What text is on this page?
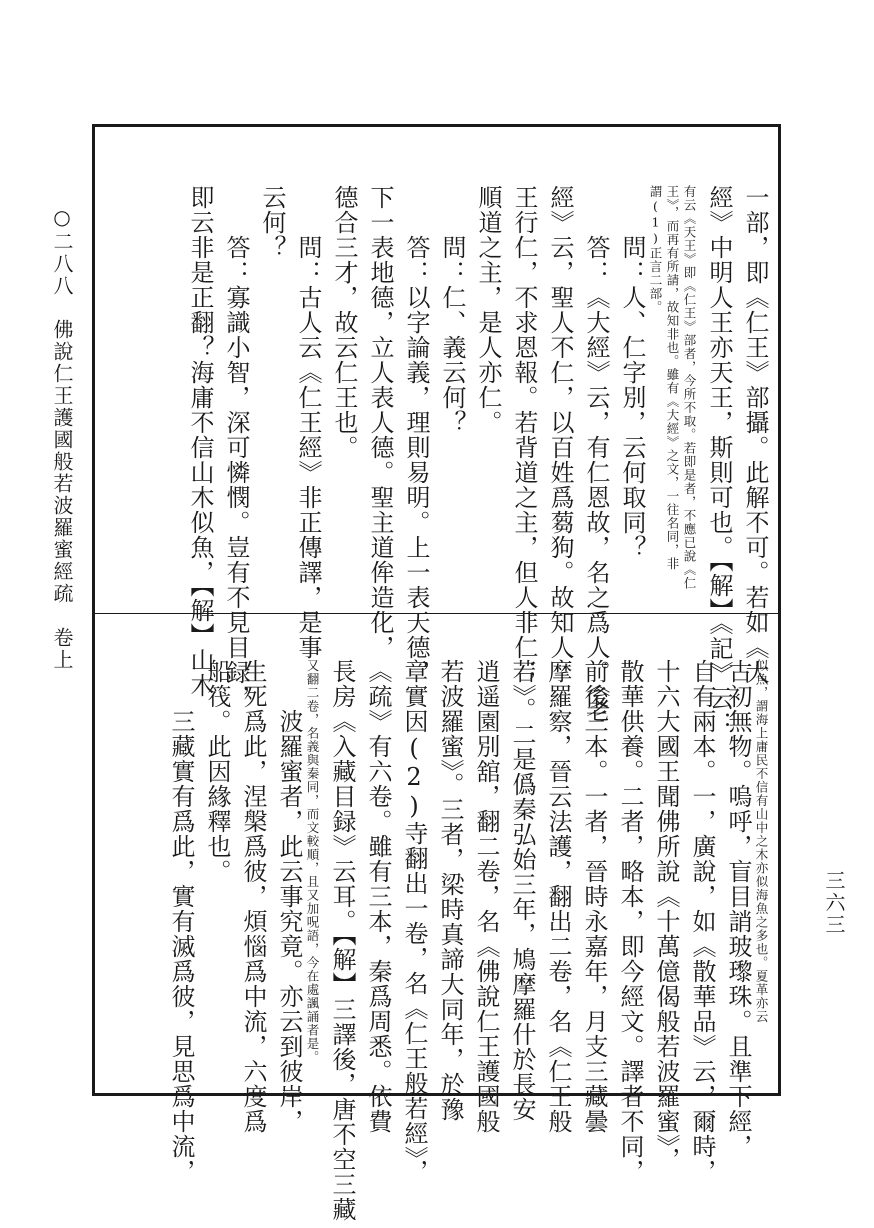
○二八八　佛說仁王護國般若波羅蜜經疏　卷上
三六三
一部，即《仁王》部攝。此解不可。若如《大
經》中明人王亦天王，斯則可也。【解】《記》云：
有云《天王》即《仁王》部者，今所不取。若即是者，不應已說《仁
王》，而再有所請，故知非也。雖有《大經》之文，一往名同，非
謂(1)正言二部。
　　問：人、仁字別，云何取同？
　　答：《大經》云，有仁恩故，名之爲人。《老
經》云，聖人不仁，以百姓爲蒭狗。故知人
王行仁，不求恩報。若背道之主，但人非仁；
順道之主，是人亦仁。
　　問：仁、義云何？
　　答：以字論義，理則易明。上一表天德，
下一表地德，立人表人德。聖主道侔造化，
德合三才，故云仁王也。
　　問：古人云《仁王經》非正傳譯，是事
云何？
　　答：寡識小智，深可憐憫。豈有不見目録，
即云非是正翻？海庸不信山木似魚，【解】山木
似魚，謂海上庸民不信有山中之木亦似海魚之多也。夏革亦云
古初無物。嗚呼，盲目誚玻瓈珠。且準下經，
自有兩本。一，廣說，如《散華品》云，爾時，
十六大國王聞佛所說《十萬億偈般若波羅蜜》，
散華供養。二者，略本，即今經文。譯者不同，
前後三本。一者，晉時永嘉年，月支三藏曇
摩羅察，晉云法護，翻出二卷，名《仁王般
若》。二是僞秦弘始三年，鳩摩羅什於長安
逍遥園別舘，翻二卷，名《佛說仁王護國般
若波羅蜜》。三者，梁時真諦大同年，於豫
章實因(2)寺翻出一卷，名《仁王般若經》，
《疏》有六卷。雖有三本，秦爲周悉。依費
長房《入藏目録》云耳。【解】三譯後，唐不空三藏
又翻二卷，名義與秦同，而文較順，且又加呪語，今在處諷誦者是。
　　波羅蜜者，此云事究竟。亦云到彼岸，
生死爲此，涅槃爲彼，煩惱爲中流，六度爲
船筏。此因緣釋也。
　　三藏實有爲此，實有滅爲彼，見思爲中流，
